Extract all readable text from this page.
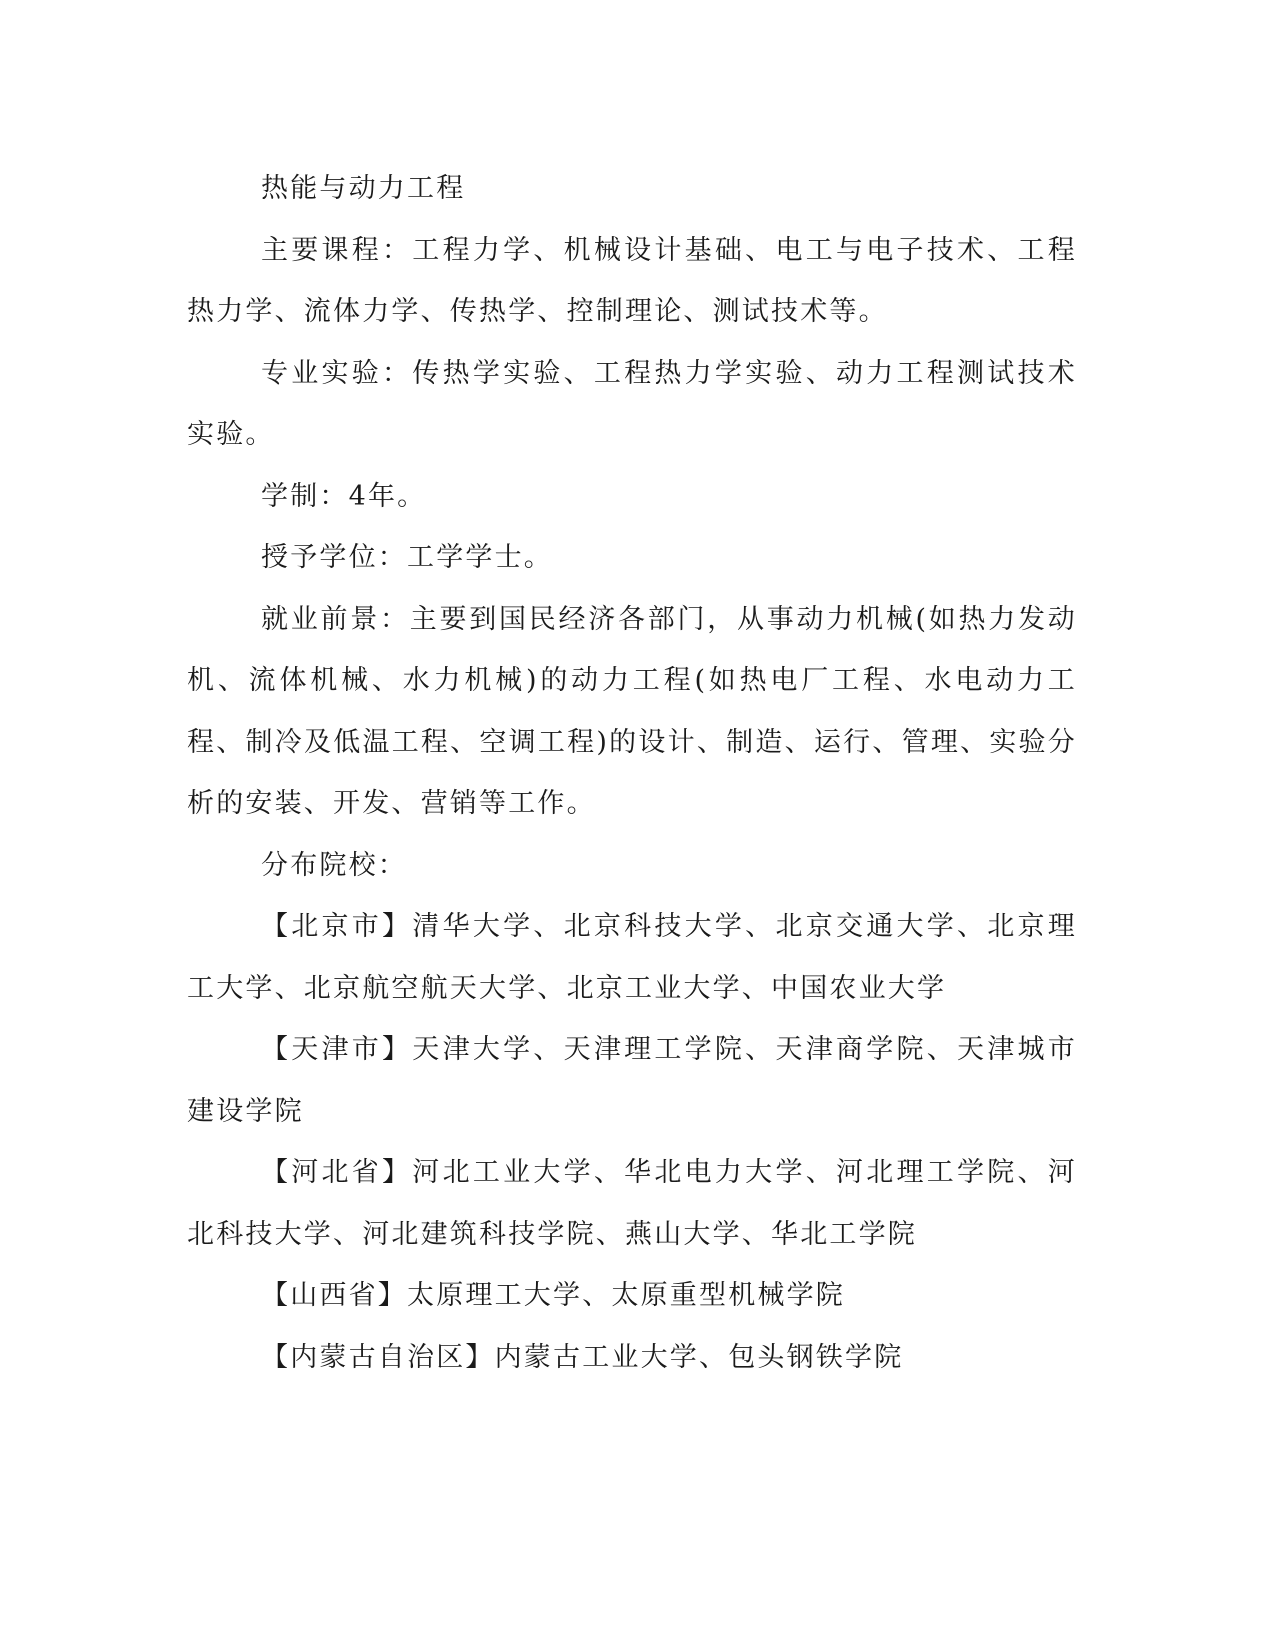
热能与动力工程

主要课程：工程力学、机械设计基础、电工与电子技术、工程热力学、流体力学、传热学、控制理论、测试技术等。

专业实验：传热学实验、工程热力学实验、动力工程测试技术实验。

学制：4年。

授予学位：工学学士。

就业前景：主要到国民经济各部门，从事动力机械(如热力发动机、流体机械、水力机械)的动力工程(如热电厂工程、水电动力工程、制冷及低温工程、空调工程)的设计、制造、运行、管理、实验分析的安装、开发、营销等工作。

分布院校：

【北京市】清华大学、北京科技大学、北京交通大学、北京理工大学、北京航空航天大学、北京工业大学、中国农业大学

【天津市】天津大学、天津理工学院、天津商学院、天津城市建设学院

【河北省】河北工业大学、华北电力大学、河北理工学院、河北科技大学、河北建筑科技学院、燕山大学、华北工学院

【山西省】太原理工大学、太原重型机械学院

【内蒙古自治区】内蒙古工业大学、包头钢铁学院
